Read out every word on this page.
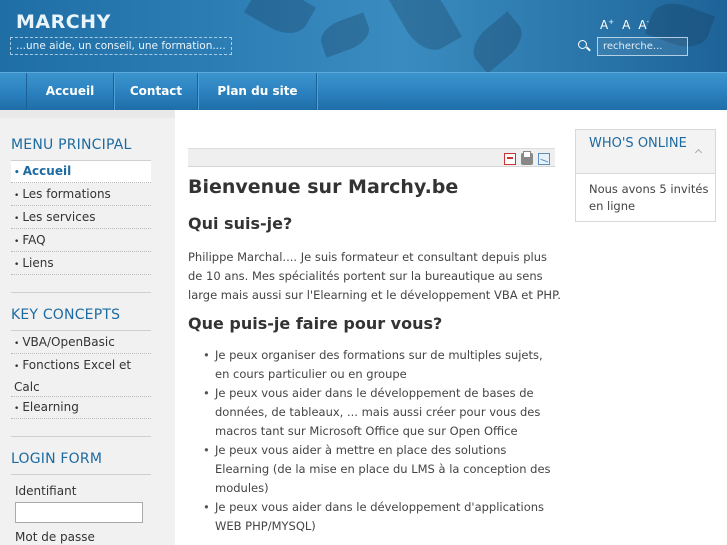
MARCHY
...une aide, un conseil, une formation....
A+ A A-
recherche...
Accueil	Contact	Plan du site
MENU PRINCIPAL
• Accueil
• Les formations
• Les services
• FAQ
• Liens
KEY CONCEPTS
• VBA/OpenBasic
• Fonctions Excel et Calc
• Elearning
LOGIN FORM
Identifiant
Mot de passe
Bienvenue sur Marchy.be
Qui suis-je?
Philippe Marchal.... Je suis formateur et consultant depuis plus de 10 ans. Mes spécialités portent sur la bureautique au sens large mais aussi sur l'Elearning et le développement VBA et PHP.
Que puis-je faire pour vous?
• Je peux organiser des formations sur de multiples sujets, en cours particulier ou en groupe
• Je peux vous aider dans le développement de bases de données, de tableaux, ... mais aussi créer pour vous des macros tant sur Microsoft Office que sur Open Office
• Je peux vous aider à mettre en place des solutions Elearning (de la mise en place du LMS à la conception des modules)
• Je peux vous aider dans le développement d'applications WEB PHP/MYSQL)
WHO'S ONLINE
Nous avons 5 invités en ligne
